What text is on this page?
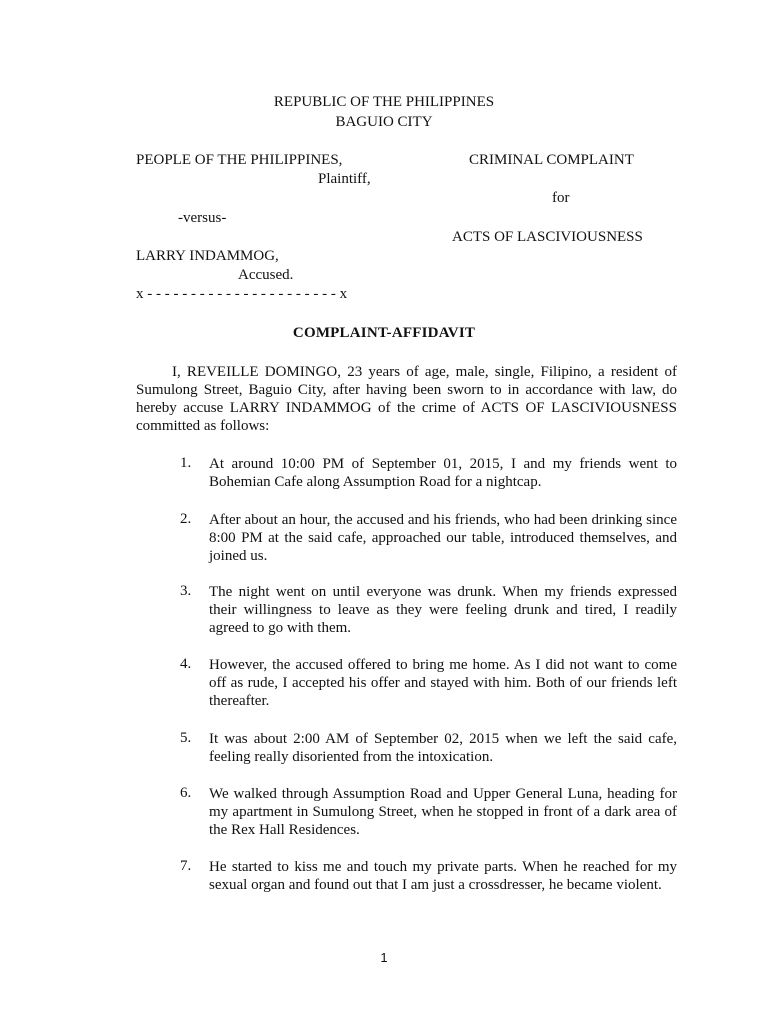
REPUBLIC OF THE PHILIPPINES
BAGUIO CITY
PEOPLE OF THE PHILIPPINES,
Plaintiff,
-versus-
LARRY INDAMMOG,
Accused.
x - - - - - - - - - - - - - - - - - - - - - - x
CRIMINAL COMPLAINT
for
ACTS OF LASCIVIOUSNESS
COMPLAINT-AFFIDAVIT
I, REVEILLE DOMINGO, 23 years of age, male, single, Filipino, a resident of Sumulong Street, Baguio City, after having been sworn to in accordance with law, do hereby accuse LARRY INDAMMOG of the crime of ACTS OF LASCIVIOUSNESS committed as follows:
1. At around 10:00 PM of September 01, 2015, I and my friends went to Bohemian Cafe along Assumption Road for a nightcap.
2. After about an hour, the accused and his friends, who had been drinking since 8:00 PM at the said cafe, approached our table, introduced themselves, and joined us.
3. The night went on until everyone was drunk. When my friends expressed their willingness to leave as they were feeling drunk and tired, I readily agreed to go with them.
4. However, the accused offered to bring me home. As I did not want to come off as rude, I accepted his offer and stayed with him. Both of our friends left thereafter.
5. It was about 2:00 AM of September 02, 2015 when we left the said cafe, feeling really disoriented from the intoxication.
6. We walked through Assumption Road and Upper General Luna, heading for my apartment in Sumulong Street, when he stopped in front of a dark area of the Rex Hall Residences.
7. He started to kiss me and touch my private parts. When he reached for my sexual organ and found out that I am just a crossdresser, he became violent.
1
